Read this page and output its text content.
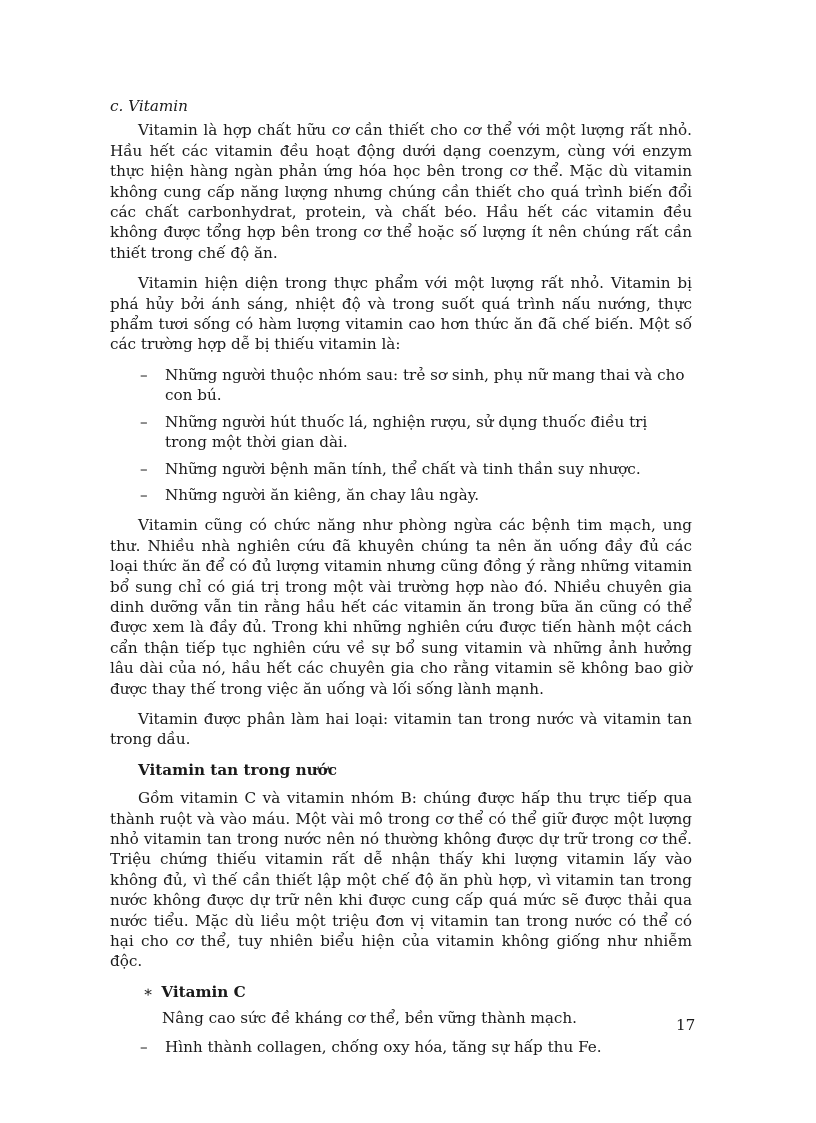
c. Vitamin

Vitamin là hợp chất hữu cơ cần thiết cho cơ thể với một lượng rất nhỏ. Hầu hết các vitamin đều hoạt động dưới dạng coenzym, cùng với enzym thực hiện hàng ngàn phản ứng hóa học bên trong cơ thể. Mặc dù vitamin không cung cấp năng lượng nhưng chúng cần thiết cho quá trình biến đổi các chất carbonhydrat, protein, và chất béo. Hầu hết các vitamin đều không được tổng hợp bên trong cơ thể hoặc số lượng ít nên chúng rất cần thiết trong chế độ ăn.

Vitamin hiện diện trong thực phẩm với một lượng rất nhỏ. Vitamin bị phá hủy bởi ánh sáng, nhiệt độ và trong suốt quá trình nấu nướng, thực phẩm tươi sống có hàm lượng vitamin cao hơn thức ăn đã chế biến. Một số các trường hợp dễ bị thiếu vitamin là:

– Những người thuộc nhóm sau: trẻ sơ sinh, phụ nữ mang thai và cho con bú.
– Những người hút thuốc lá, nghiện rượu, sử dụng thuốc điều trị trong một thời gian dài.
– Những người bệnh mãn tính, thể chất và tinh thần suy nhược.
– Những người ăn kiêng, ăn chay lâu ngày.

Vitamin cũng có chức năng như phòng ngừa các bệnh tim mạch, ung thư. Nhiều nhà nghiên cứu đã khuyên chúng ta nên ăn uống đầy đủ các loại thức ăn để có đủ lượng vitamin nhưng cũng đồng ý rằng những vitamin bổ sung chỉ có giá trị trong một vài trường hợp nào đó. Nhiều chuyên gia dinh dưỡng vẫn tin rằng hầu hết các vitamin ăn trong bữa ăn cũng có thể được xem là đầy đủ. Trong khi những nghiên cứu được tiến hành một cách cẩn thận tiếp tục nghiên cứu về sự bổ sung vitamin và những ảnh hưởng lâu dài của nó, hầu hết các chuyên gia cho rằng vitamin sẽ không bao giờ được thay thế trong việc ăn uống và lối sống lành mạnh.

Vitamin được phân làm hai loại: vitamin tan trong nước và vitamin tan trong dầu.

Vitamin tan trong nước

Gồm vitamin C và vitamin nhóm B: chúng được hấp thu trực tiếp qua thành ruột và vào máu. Một vài mô trong cơ thể có thể giữ được một lượng nhỏ vitamin tan trong nước nên nó thường không được dự trữ trong cơ thể. Triệu chứng thiếu vitamin rất dễ nhận thấy khi lượng vitamin lấy vào không đủ, vì thế cần thiết lập một chế độ ăn phù hợp, vì vitamin tan trong nước không được dự trữ nên khi được cung cấp quá mức sẽ được thải qua nước tiểu. Mặc dù liều một triệu đơn vị vitamin tan trong nước có thể có hại cho cơ thể, tuy nhiên biểu hiện của vitamin không giống như nhiễm độc.

∗ Vitamin C
Nâng cao sức đề kháng cơ thể, bền vững thành mạch.
– Hình thành collagen, chống oxy hóa, tăng sự hấp thu Fe.
17
